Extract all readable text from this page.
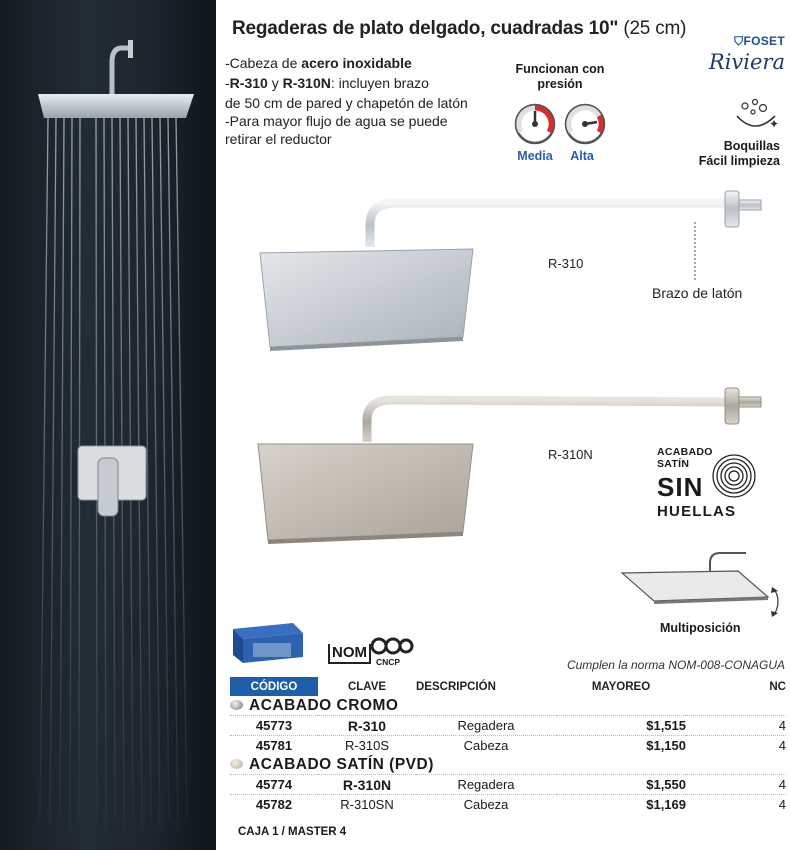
Regaderas de plato delgado, cuadradas 10" (25 cm)
⛉FOSET
Riviera
-Cabeza de acero inoxidable
-R-310 y R-310N: incluyen brazo
de 50 cm de pared y chapetón de latón
-Para mayor flujo de agua se puede
retirar el reductor
Funcionan con presión
Media	Alta
✦
Boquillas
Fácil limpieza
R-310
Brazo de latón
R-310N	ACABADO
SATÍN
SIN
HUELLAS
Multiposición
NOM
CNCP	Cumplen la norma NOM-008-CONAGUA
CÓDIGO	CLAVE	DESCRIPCIÓN	MAYOREO	NC
ACABADO CROMO				
45773	R-310	Regadera	$1,515	4
45781	R-310S	Cabeza	$1,150	4
ACABADO SATÍN (PVD)				
45774	R-310N	Regadera	$1,550	4
45782	R-310SN	Cabeza	$1,169	4
CAJA 1 / MASTER 4
